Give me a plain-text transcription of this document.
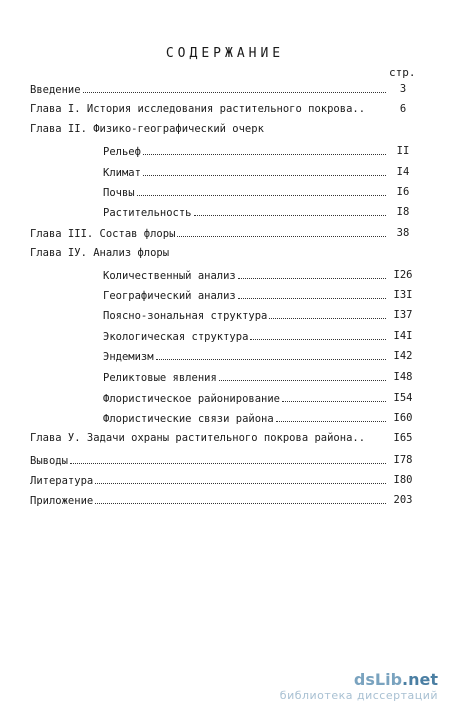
СОДЕРЖАНИЕ
стр.
Введение	3
Глава I. История исследования растительного покрова..	6
Глава II. Физико-географический очерк
Рельеф	II
Климат	I4
Почвы	I6
Растительность	I8
Глава III. Состав флоры	38
Глава IУ. Анализ флоры
Количественный анализ	I26
Географический анализ	I3I
Поясно-зональная структура	I37
Экологическая структура	I4I
Эндемизм	I42
Реликтовые явления	I48
Флористическое районирование	I54
Флористические связи района	I60
Глава У. Задачи охраны растительного покрова района..	I65
Выводы	I78
Литература	I80
Приложение	203
dsLib.net
библиотека диссертаций
